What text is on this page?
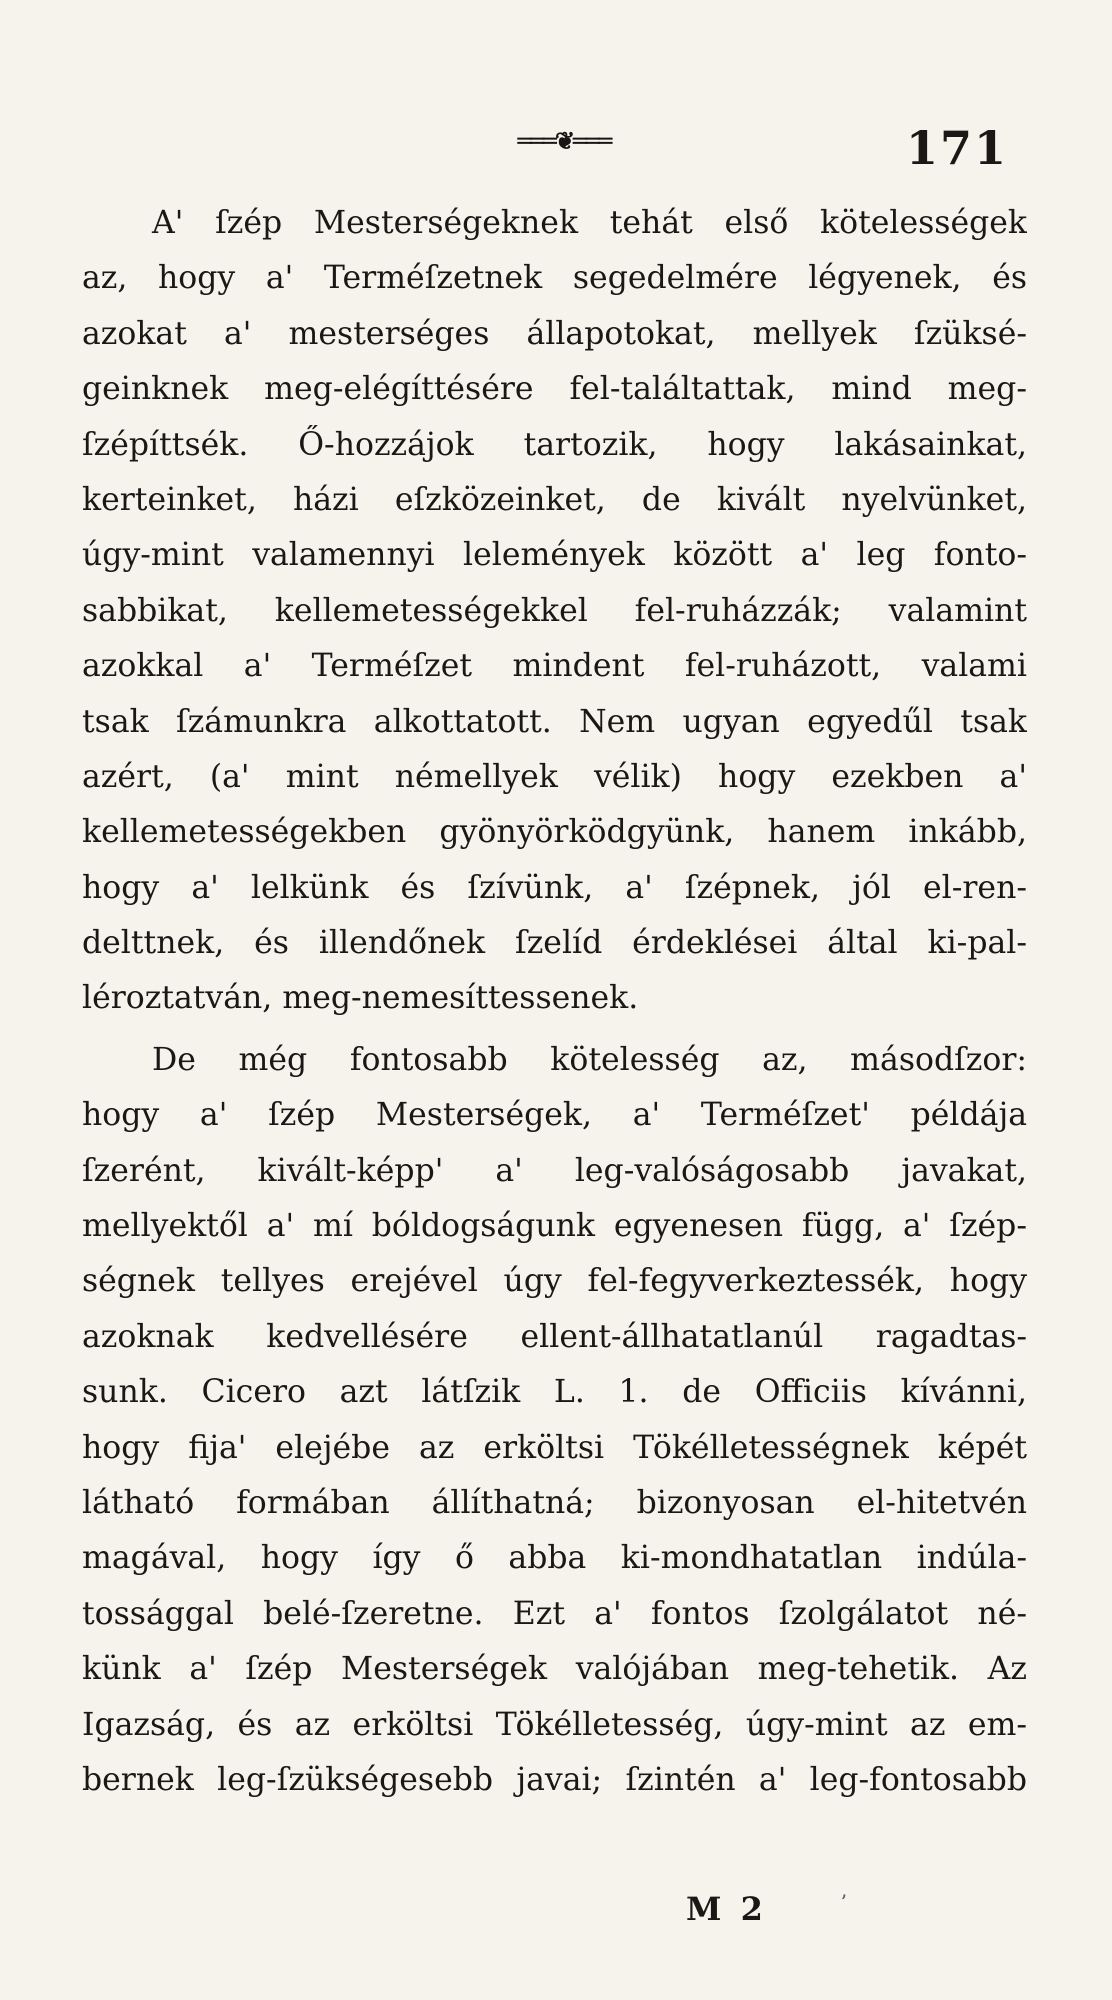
═══❦═══	171
A' ſzép Mesterségeknek tehát első kötelességek
az, hogy a' Terméſzetnek segedelmére légyenek, és
azokat a' mesterséges állapotokat, mellyek ſzüksé-
geinknek meg-elégíttésére fel-találtattak, mind meg-
ſzépíttsék. Ő-hozzájok tartozik, hogy lakásainkat,
kerteinket, házi eſzközeinket, de kivált nyelvünket,
úgy-mint valamennyi lelemények között a' leg fonto-
sabbikat, kellemetességekkel fel-ruházzák; valamint
azokkal a' Terméſzet mindent fel-ruházott, valami
tsak ſzámunkra alkottatott. Nem ugyan egyedűl tsak
azért, (a' mint némellyek vélik) hogy ezekben a'
kellemetességekben gyönyörködgyünk, hanem inkább,
hogy a' lelkünk és ſzívünk, a' ſzépnek, jól el-ren-
delttnek, és illendőnek ſzelíd érdeklései által ki-pal-
léroztatván, meg-nemesíttessenek.
De még fontosabb kötelesség az, másodſzor:
hogy a' ſzép Mesterségek, a' Terméſzet' példája
ſzerént, kivált-képp' a' leg-valóságosabb javakat,
mellyektől a' mí bóldogságunk egyenesen függ, a' ſzép-
ségnek tellyes erejével úgy fel-fegyverkeztessék, hogy
azoknak kedvellésére ellent-állhatatlanúl ragadtas-
sunk. Cicero azt látſzik L. 1. de Officiis kívánni,
hogy fija' elejébe az erköltsi Tökélletességnek képét
látható formában állíthatná; bizonyosan el-hitetvén
magával, hogy így ő abba ki-mondhatatlan indúla-
tossággal belé-ſzeretne. Ezt a' fontos ſzolgálatot né-
künk a' ſzép Mesterségek valójában meg-tehetik. Az
Igazság, és az erköltsi Tökélletesség, úgy-mint az em-
bernek leg-ſzükségesebb javai; ſzintén a' leg-fontosabb
M 2	ʼ
